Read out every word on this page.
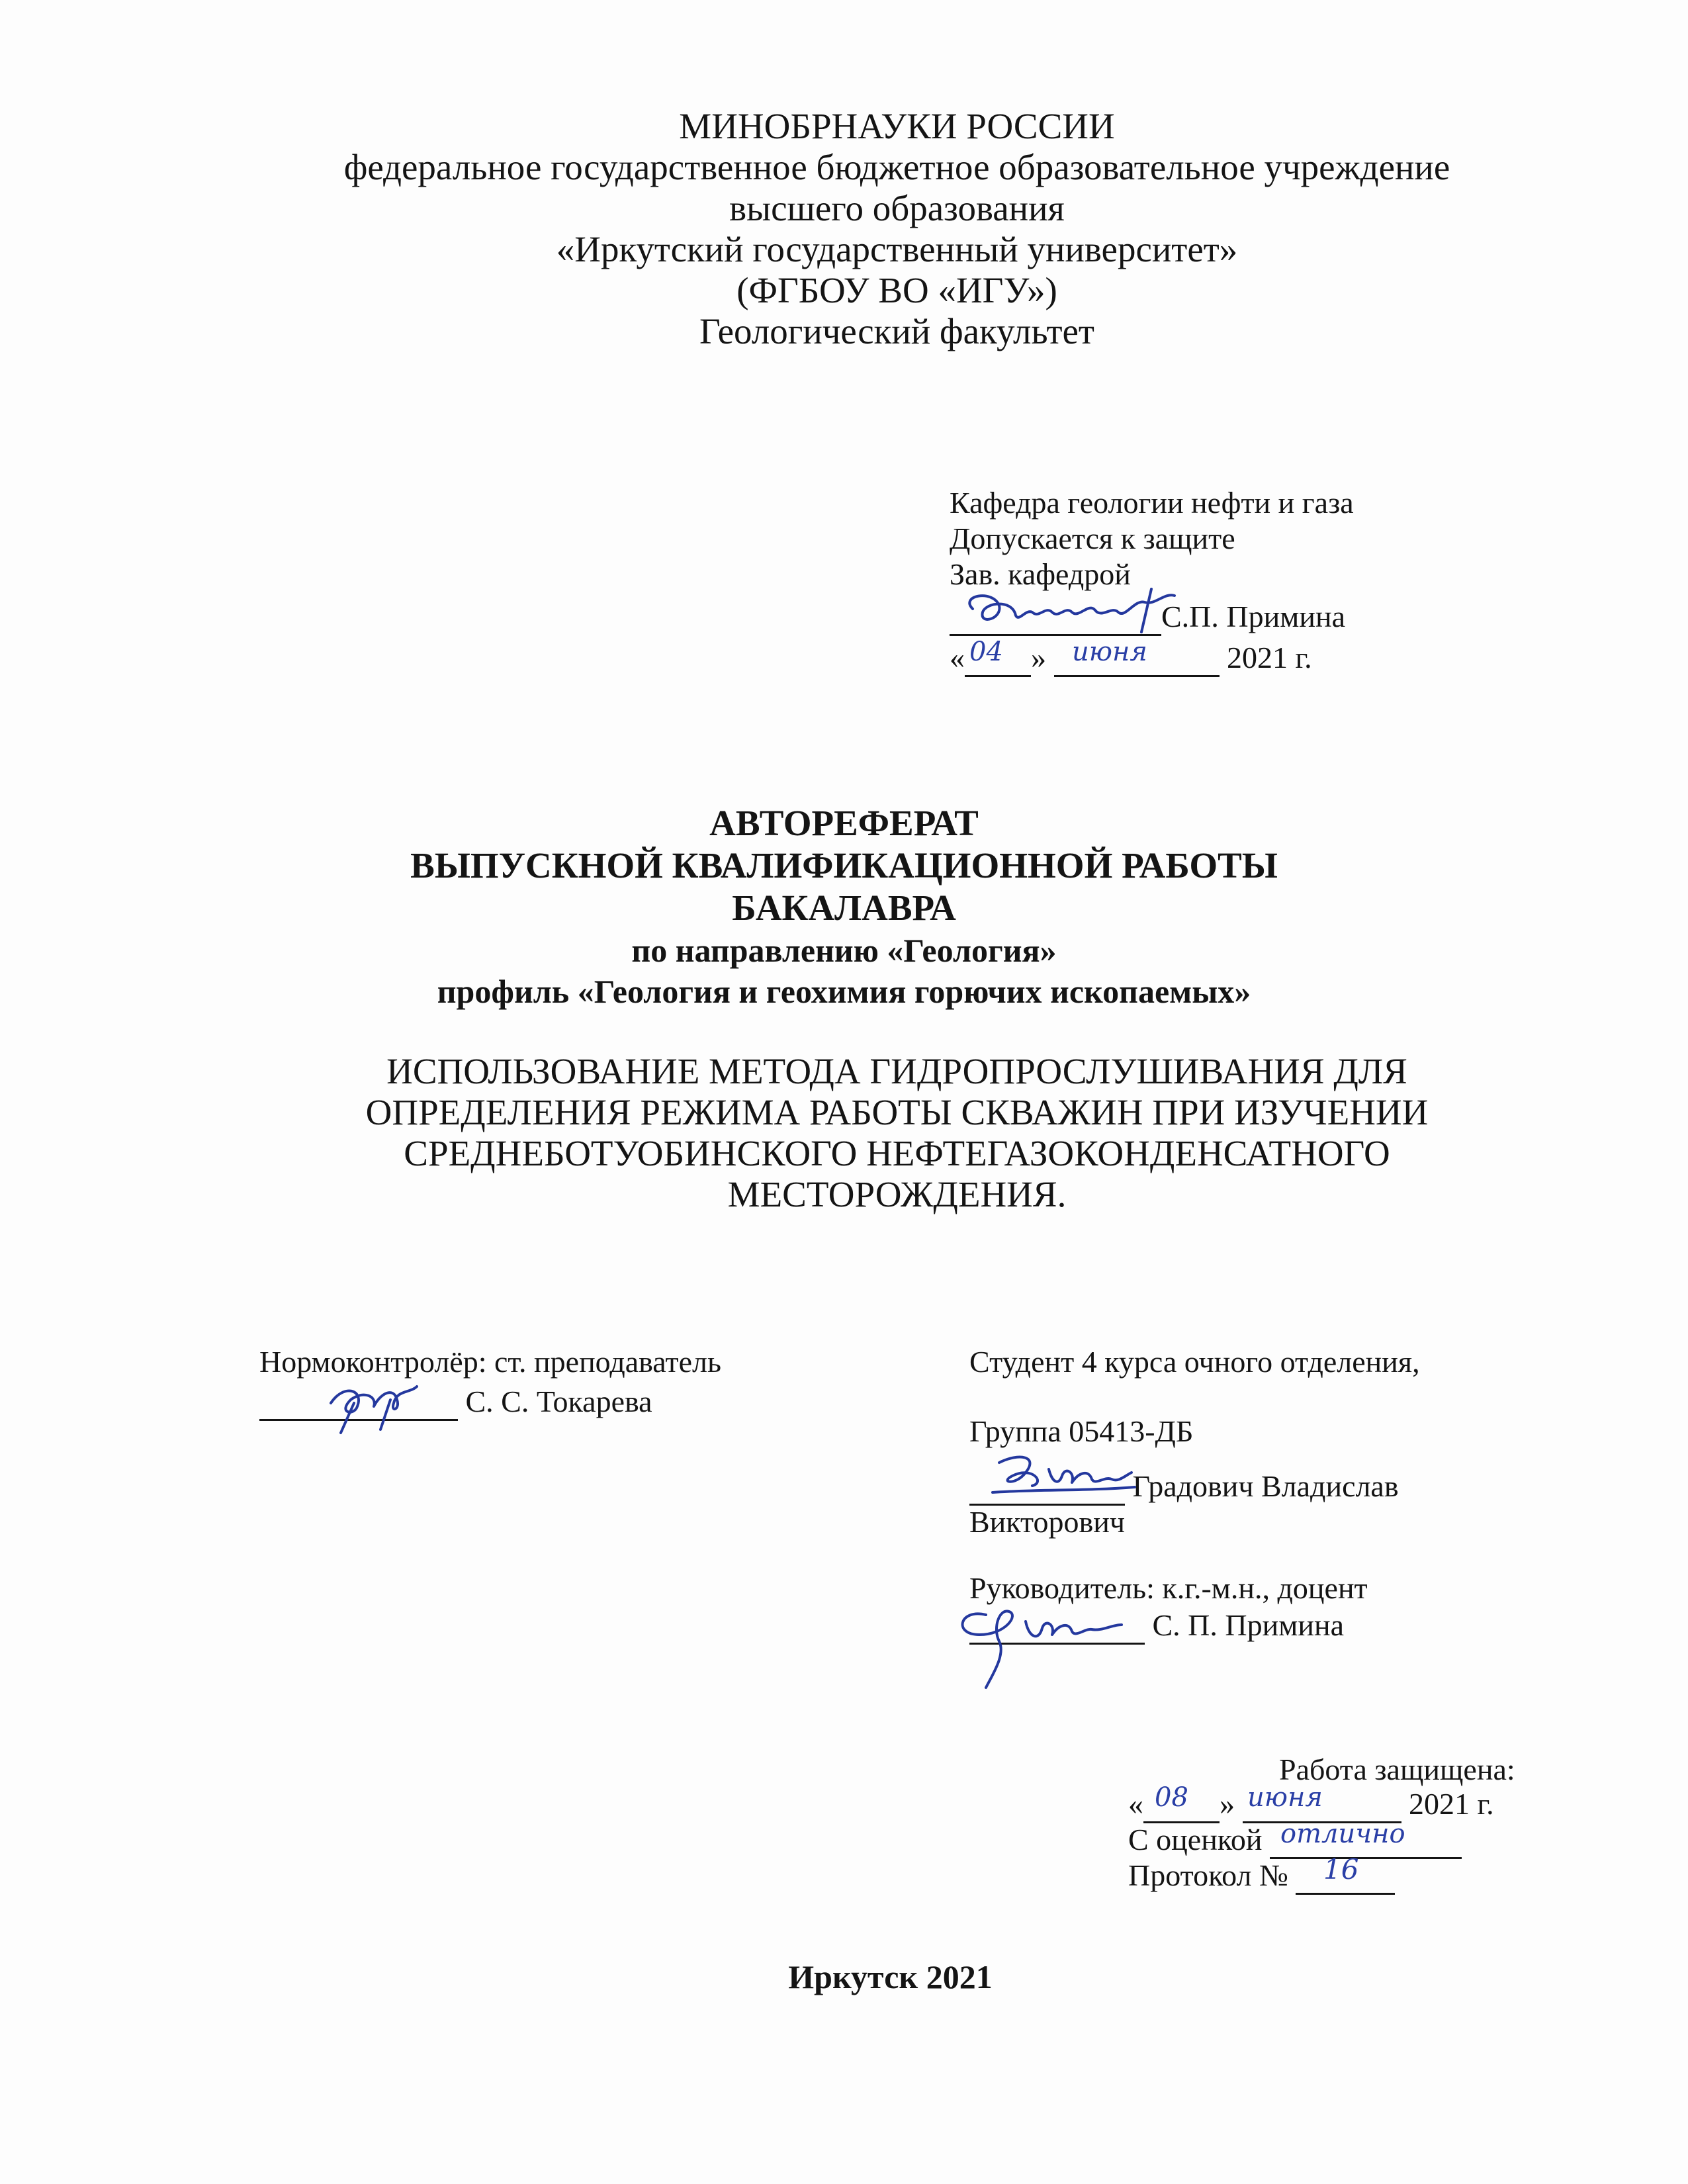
МИНОБРНАУКИ РОССИИ
федеральное государственное бюджетное образовательное учреждение
высшего образования
«Иркутский государственный университет»
(ФГБОУ ВО «ИГУ»)
Геологический факультет
Кафедра геологии нефти и газа
Допускается к защите
Зав. кафедрой
С.П. Примина
« »	2021 г.
04	июня
АВТОРЕФЕРАТ
ВЫПУСКНОЙ КВАЛИФИКАЦИОННОЙ РАБОТЫ
БАКАЛАВРА
по направлению «Геология»
профиль «Геология и геохимия горючих ископаемых»
ИСПОЛЬЗОВАНИЕ МЕТОДА ГИДРОПРОСЛУШИВАНИЯ ДЛЯ
ОПРЕДЕЛЕНИЯ РЕЖИМА РАБОТЫ СКВАЖИН ПРИ ИЗУЧЕНИИ
СРЕДНЕБОТУОБИНСКОГО НЕФТЕГАЗОКОНДЕНСАТНОГО
МЕСТОРОЖДЕНИЯ.
Нормоконтролёр: ст. преподаватель
С. С. Токарева
Студент 4 курса очного отделения,
Группа 05413-ДБ
Градович Владислав
Викторович
Руководитель: к.г.-м.н., доцент
С. П. Примина
Работа защищена:
«	»	2021 г.
08 июня
С оценкой отлично
Протокол №	16
Иркутск 2021
